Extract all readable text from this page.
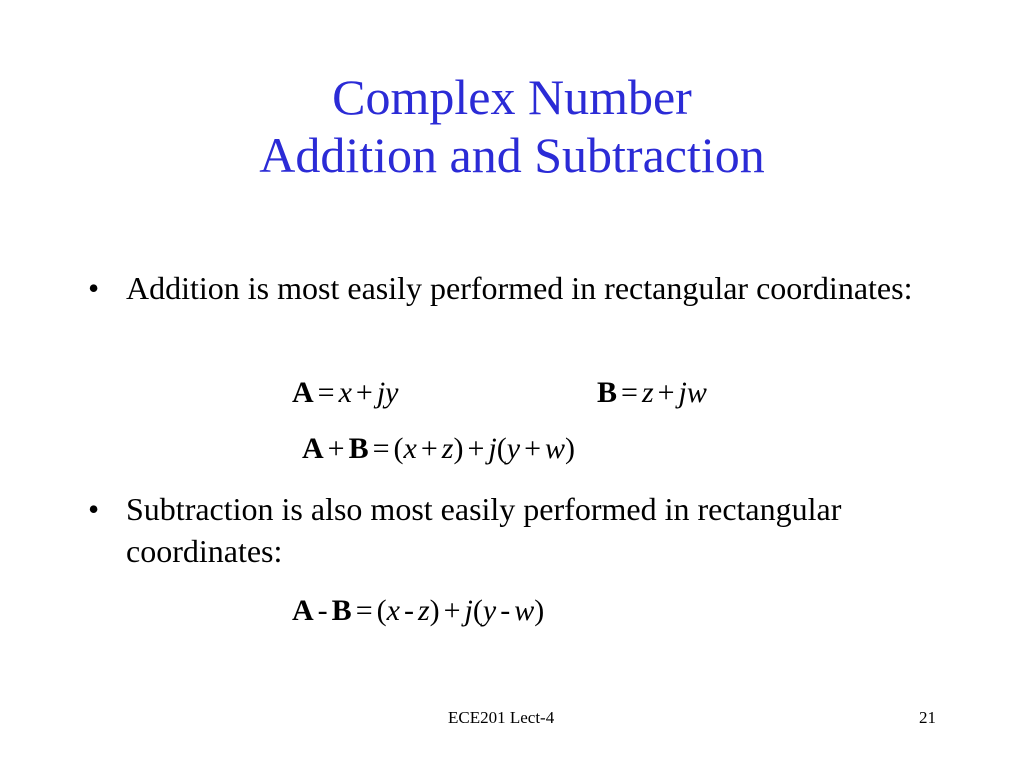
Complex Number
Addition and Subtraction
• Addition is most easily performed in rectangular coordinates:
A = x + jy	B = z + jw
A + B = (x + z) + j(y + w)
• Subtraction is also most easily performed in rectangular coordinates:
A - B = (x - z) + j(y - w)
ECE201 Lect-4	21
